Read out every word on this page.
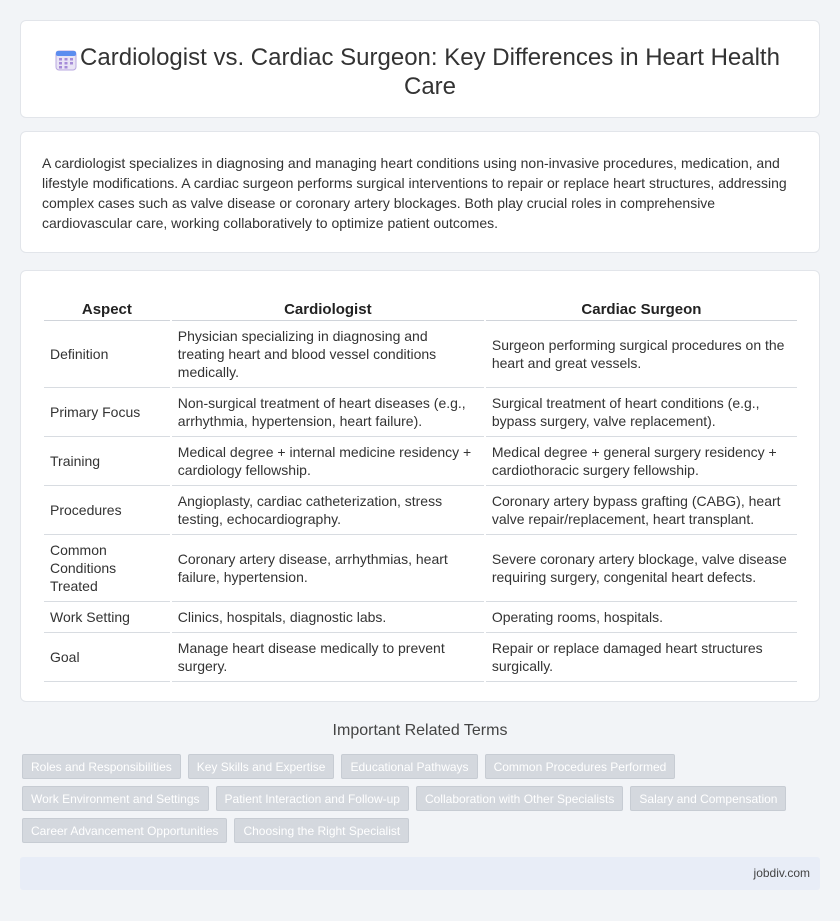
Cardiologist vs. Cardiac Surgeon: Key Differences in Heart Health Care

A cardiologist specializes in diagnosing and managing heart conditions using non-invasive procedures, medication, and lifestyle modifications. A cardiac surgeon performs surgical interventions to repair or replace heart structures, addressing complex cases such as valve disease or coronary artery blockages. Both play crucial roles in comprehensive cardiovascular care, working collaboratively to optimize patient outcomes.

Aspect	Cardiologist	Cardiac Surgeon
Definition	Physician specializing in diagnosing and treating heart and blood vessel conditions medically.	Surgeon performing surgical procedures on the heart and great vessels.
Primary Focus	Non-surgical treatment of heart diseases (e.g., arrhythmia, hypertension, heart failure).	Surgical treatment of heart conditions (e.g., bypass surgery, valve replacement).
Training	Medical degree + internal medicine residency + cardiology fellowship.	Medical degree + general surgery residency + cardiothoracic surgery fellowship.
Procedures	Angioplasty, cardiac catheterization, stress testing, echocardiography.	Coronary artery bypass grafting (CABG), heart valve repair/replacement, heart transplant.
Common Conditions Treated	Coronary artery disease, arrhythmias, heart failure, hypertension.	Severe coronary artery blockage, valve disease requiring surgery, congenital heart defects.
Work Setting	Clinics, hospitals, diagnostic labs.	Operating rooms, hospitals.
Goal	Manage heart disease medically to prevent surgery.	Repair or replace damaged heart structures surgically.
Important Related Terms
Roles and Responsibilities	Key Skills and Expertise	Educational Pathways	Common Procedures Performed
Work Environment and Settings	Patient Interaction and Follow-up	Collaboration with Other Specialists	Salary and Compensation
Career Advancement Opportunities	Choosing the Right Specialist
jobdiv.com
